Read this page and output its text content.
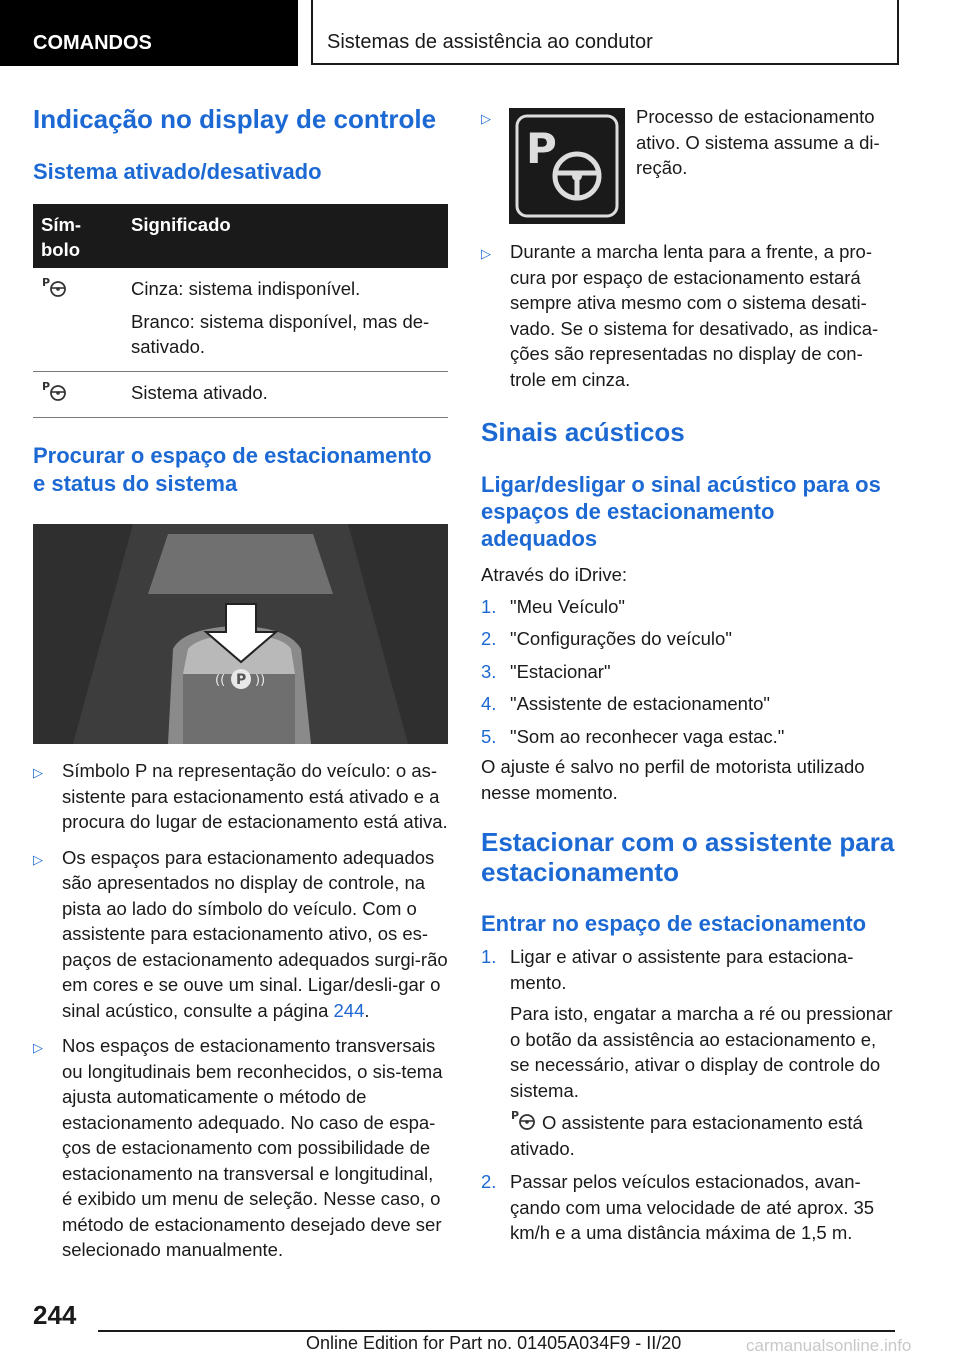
COMANDOS	Sistemas de assistência ao condutor
Indicação no display de controle
Sistema ativado/desativado
Sím-bolo	Significado

P	Cinza: sistema indisponível.

Branco: sistema disponível, mas de-sativado.

P	Sistema ativado.

Procurar o espaço de estacionamento e status do sistema
P
(( ))
▷ Símbolo P na representação do veículo: o as-sistente para estacionamento está ativado e a procura do lugar de estacionamento está ativa.
▷ Os espaços para estacionamento adequados são apresentados no display de controle, na pista ao lado do símbolo do veículo. Com o assistente para estacionamento ativo, os es-paços de estacionamento adequados surgi-rão em cores e se ouve um sinal. Ligar/desli-gar o sinal acústico, consulte a página 244.
▷ Nos espaços de estacionamento transversais ou longitudinais bem reconhecidos, o sis-tema ajusta automaticamente o método de estacionamento adequado. No caso de espa-ços de estacionamento com possibilidade de estacionamento na transversal e longitudinal, é exibido um menu de seleção. Nesse caso, o método de estacionamento desejado deve ser selecionado manualmente.
▷
P
Processo de estacionamento ativo. O sistema assume a di-reção.
▷ Durante a marcha lenta para a frente, a pro-cura por espaço de estacionamento estará sempre ativa mesmo com o sistema desati-vado. Se o sistema for desativado, as indica-ções são representadas no display de con-trole em cinza.
Sinais acústicos
Ligar/desligar o sinal acústico para os espaços de estacionamento adequados
Através do iDrive:
1. "Meu Veículo"
2. "Configurações do veículo"
3. "Estacionar"
4. "Assistente de estacionamento"
5. "Som ao reconhecer vaga estac."
O ajuste é salvo no perfil de motorista utilizado nesse momento.
Estacionar com o assistente para estacionamento
Entrar no espaço de estacionamento
1. Ligar e ativar o assistente para estaciona-mento.
Para isto, engatar a marcha a ré ou pressionar o botão da assistência ao estacionamento e, se necessário, ativar o display de controle do sistema.
P O assistente para estacionamento está ativado.
2. Passar pelos veículos estacionados, avan-çando com uma velocidade de até aprox. 35 km/h e a uma distância máxima de 1,5 m.
244
Online Edition for Part no. 01405A034F9 - II/20	carmanualsonline.info
